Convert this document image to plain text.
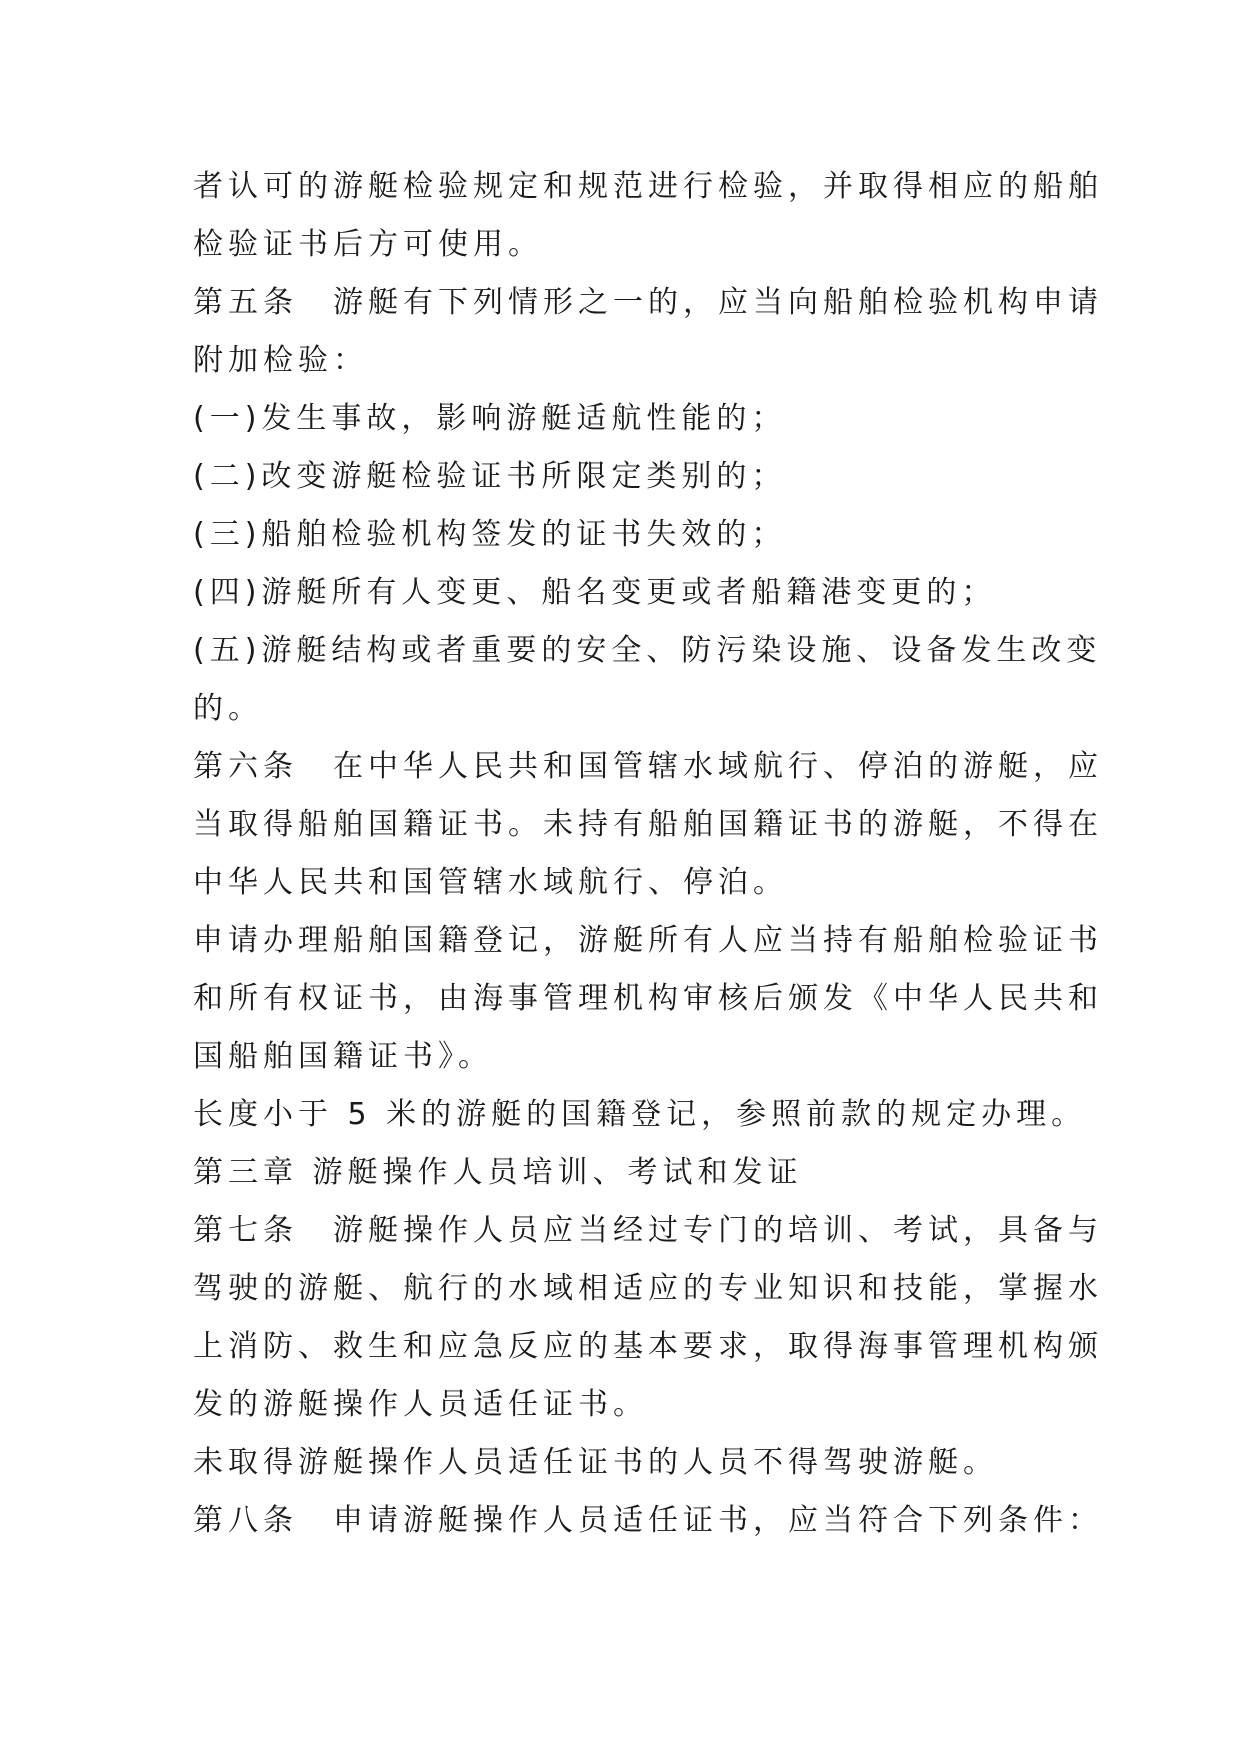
者认可的游艇检验规定和规范进行检验，并取得相应的船舶
检验证书后方可使用。
第五条　游艇有下列情形之一的，应当向船舶检验机构申请
附加检验：
(一)发生事故，影响游艇适航性能的；
(二)改变游艇检验证书所限定类别的；
(三)船舶检验机构签发的证书失效的；
(四)游艇所有人变更、船名变更或者船籍港变更的；
(五)游艇结构或者重要的安全、防污染设施、设备发生改变
的。
第六条　在中华人民共和国管辖水域航行、停泊的游艇，应
当取得船舶国籍证书。未持有船舶国籍证书的游艇，不得在
中华人民共和国管辖水域航行、停泊。
申请办理船舶国籍登记，游艇所有人应当持有船舶检验证书
和所有权证书，由海事管理机构审核后颁发《中华人民共和
国船舶国籍证书》。
长度小于 5 米的游艇的国籍登记，参照前款的规定办理。
第三章 游艇操作人员培训、考试和发证
第七条　游艇操作人员应当经过专门的培训、考试，具备与
驾驶的游艇、航行的水域相适应的专业知识和技能，掌握水
上消防、救生和应急反应的基本要求，取得海事管理机构颁
发的游艇操作人员适任证书。
未取得游艇操作人员适任证书的人员不得驾驶游艇。
第八条　申请游艇操作人员适任证书，应当符合下列条件：
